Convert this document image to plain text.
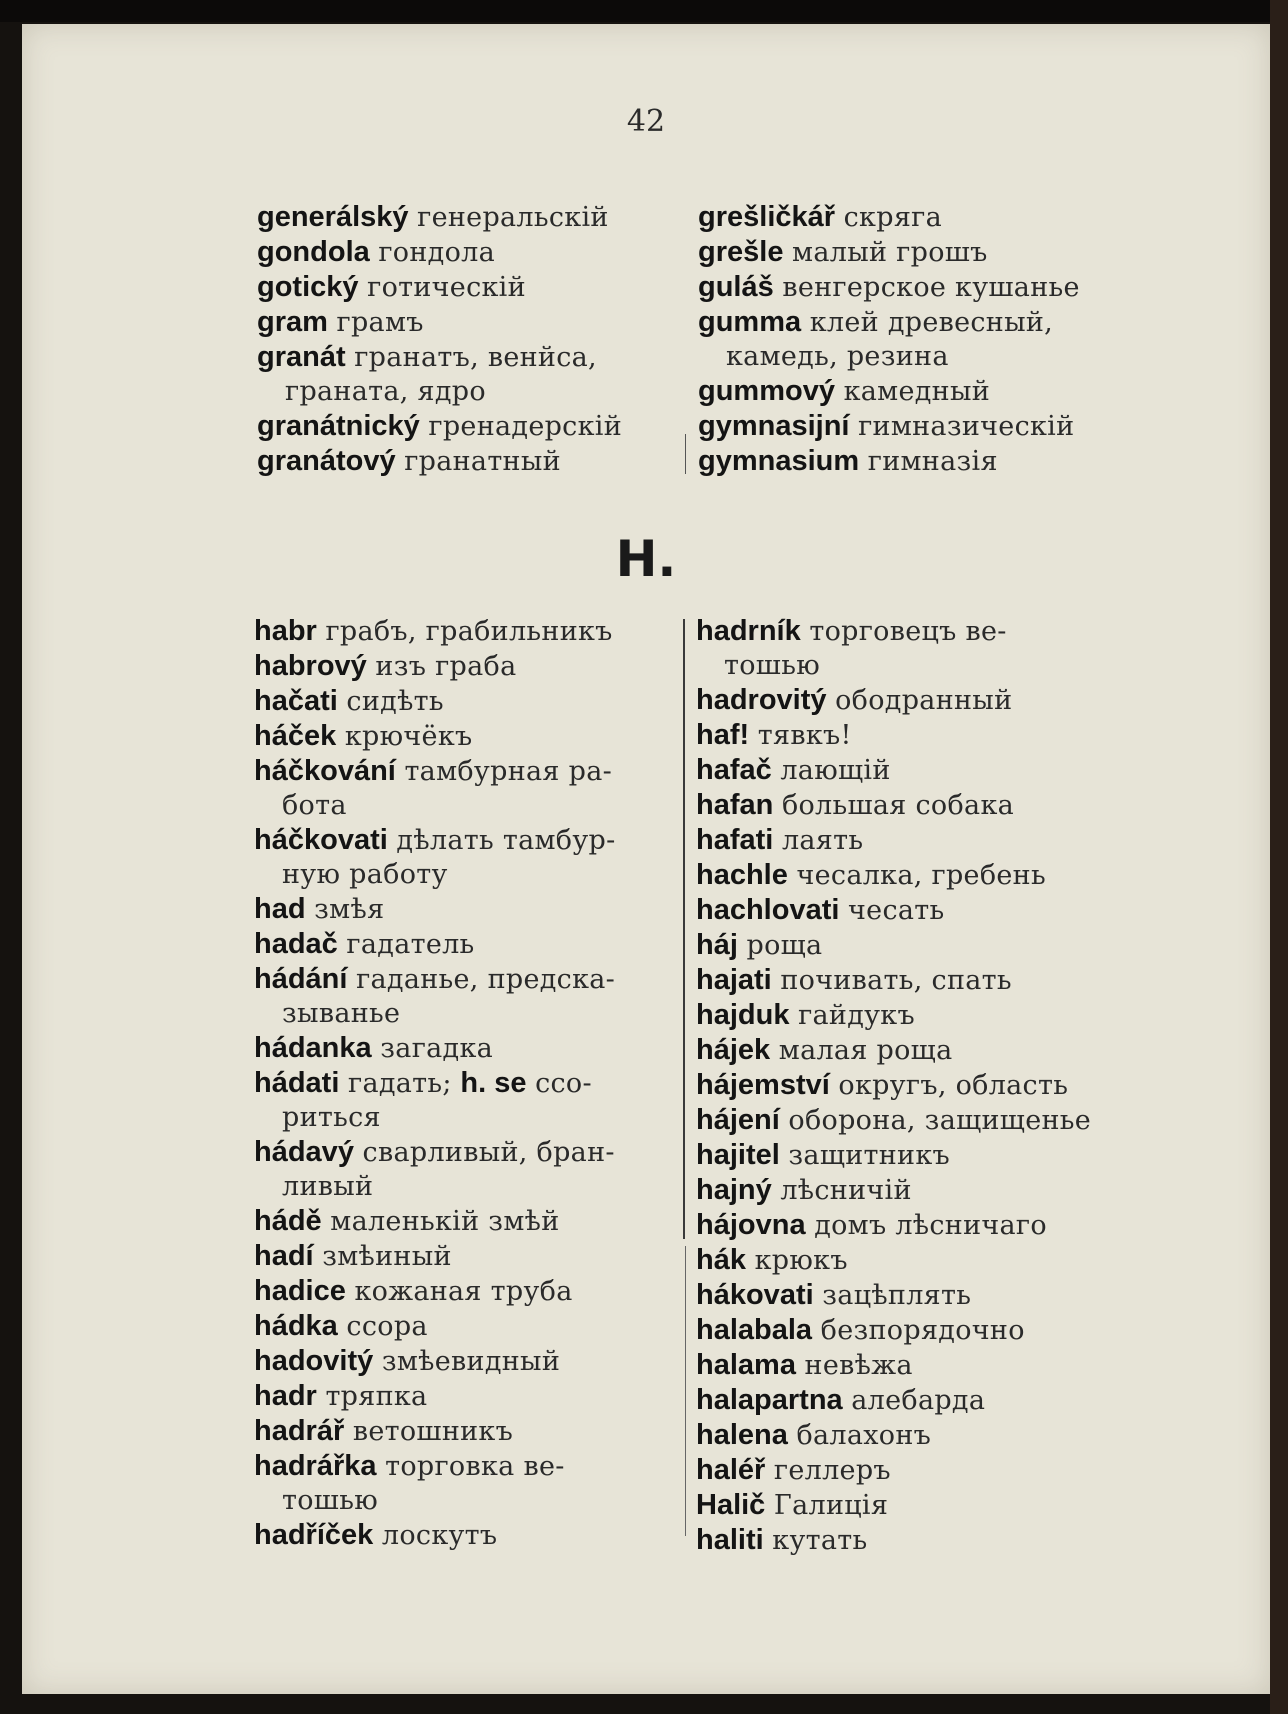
42
generálský генеральскій
gondola гондола
gotický готическій
gram грамъ
granát гранатъ, венйса,
граната, ядро
granátnický гренадерскій
granátový гранатный
grešličkář скряга
grešle малый грошъ
guláš венгерское кушанье
gumma клей древесный,
камедь, резина
gummový камедный
gymnasijní гимназическій
gymnasium гимназія
H.
habr грабъ, грабильникъ
habrový изъ граба
hačati сидѣть
háček крючёкъ
háčkování тамбурная ра-
бота
háčkovati дѣлать тамбур-
ную работу
had змѣя
hadač гадатель
hádání гаданье, предска-
зыванье
hádanka загадка
hádati гадать; h. se ссо-
риться
hádavý сварливый, бран-
ливый
hádě маленькій змѣй
hadí змѣиный
hadice кожаная труба
hádka ссора
hadovitý змѣевидный
hadr тряпка
hadrář ветошникъ
hadrářka торговка ве-
тошью
hadříček лоскутъ
hadrník торговецъ ве-
тошью
hadrovitý ободранный
haf! тявкъ!
hafač лающій
hafan большая собака
hafati лаять
hachle чесалка, гребень
hachlovati чесать
háj роща
hajati почивать, спать
hajduk гайдукъ
hájek малая роща
hájemství округъ, область
hájení оборона, защищенье
hajitel защитникъ
hajný лѣсничій
hájovna домъ лѣсничаго
hák крюкъ
hákovati зацѣплять
halabala безпорядочно
halama невѣжа
halapartna алебарда
halena балахонъ
haléř геллеръ
Halič Галиція
haliti кутать
